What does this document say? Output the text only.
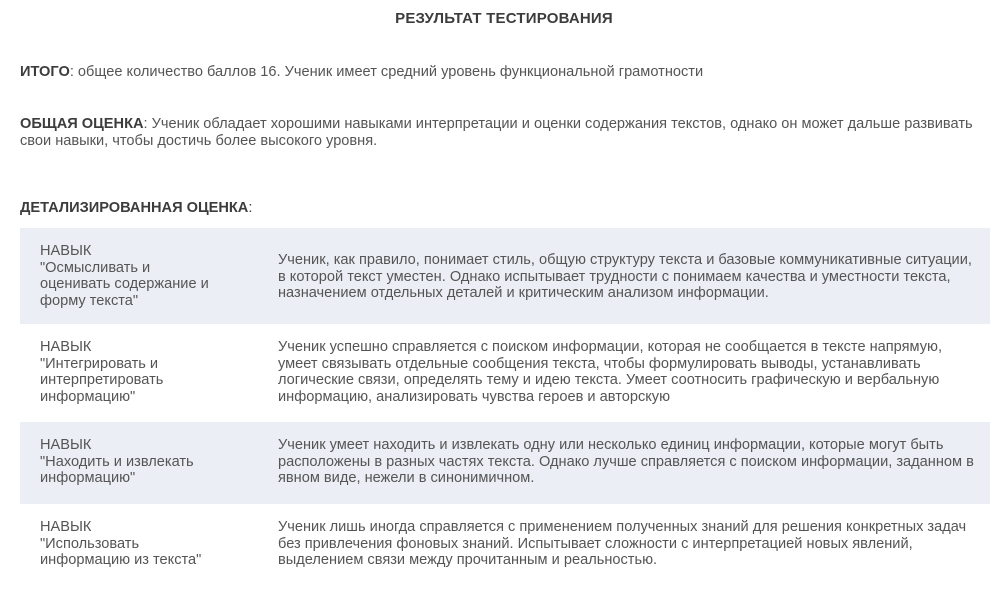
РЕЗУЛЬТАТ ТЕСТИРОВАНИЯ
ИТОГО: общее количество баллов 16. Ученик имеет средний уровень функциональной грамотности
ОБЩАЯ ОЦЕНКА: Ученик обладает хорошими навыками интерпретации и оценки содержания текстов, однако он может дальше развивать свои навыки, чтобы достичь более высокого уровня.
ДЕТАЛИЗИРОВАННАЯ ОЦЕНКА:
НАВЫК
"Осмысливать и
оценивать содержание и
форму текста"
Ученик, как правило, понимает стиль, общую структуру текста и базовые коммуникативные ситуации, в которой текст уместен. Однако испытывает трудности с понимаем качества и уместности текста, назначением отдельных деталей и критическим анализом информации.
НАВЫК
"Интегрировать и
интерпретировать
информацию"
Ученик успешно справляется с поиском информации, которая не сообщается в тексте напрямую, умеет связывать отдельные сообщения текста, чтобы формулировать выводы, устанавливать логические связи, определять тему и идею текста. Умеет соотносить графическую и вербальную информацию, анализировать чувства героев и авторскую
НАВЫК
"Находить и извлекать
информацию"
Ученик умеет находить и извлекать одну или несколько единиц информации, которые могут быть расположены в разных частях текста. Однако лучше справляется с поиском информации, заданном в явном виде, нежели в синонимичном.
НАВЫК
"Использовать
информацию из текста"
Ученик лишь иногда справляется с применением полученных знаний для решения конкретных задач без привлечения фоновых знаний. Испытывает сложности с интерпретацией новых явлений, выделением связи между прочитанным и реальностью.
